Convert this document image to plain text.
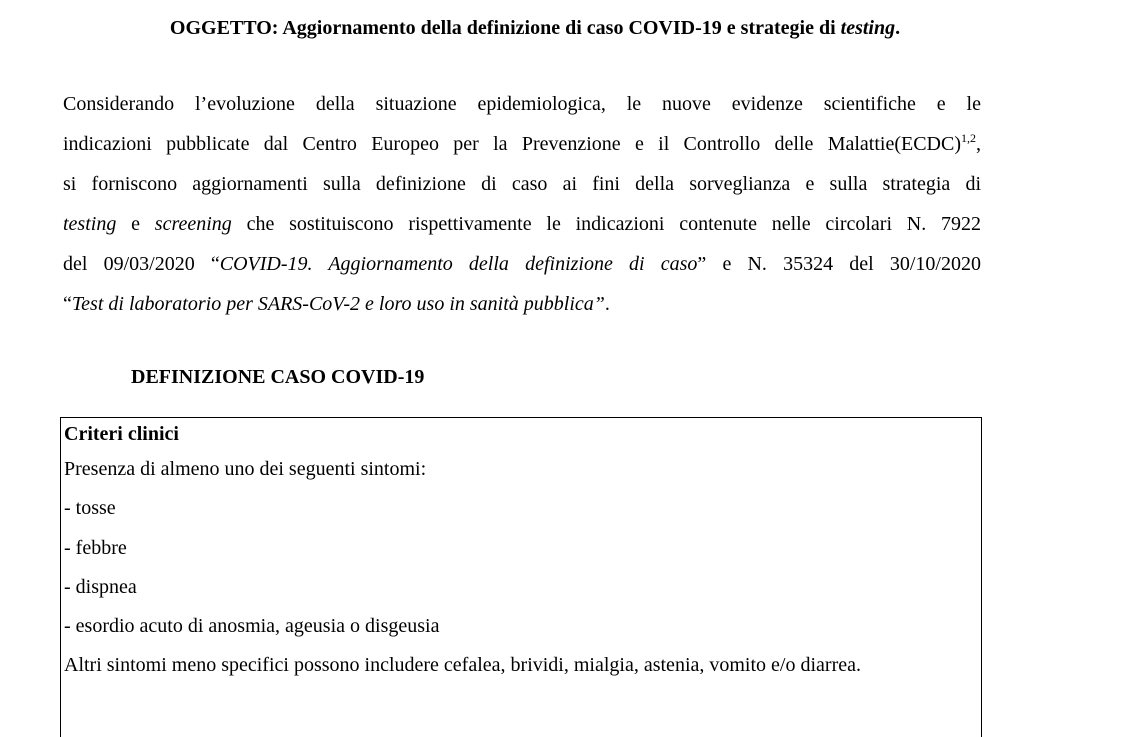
OGGETTO: Aggiornamento della definizione di caso COVID-19 e strategie di testing.
Considerando l’evoluzione della situazione epidemiologica, le nuove evidenze scientifiche e le
indicazioni pubblicate dal Centro Europeo per la Prevenzione e il Controllo delle Malattie(ECDC)$^{1,2}$,
si forniscono aggiornamenti sulla definizione di caso ai fini della sorveglianza e sulla strategia di
testing e screening che sostituiscono rispettivamente le indicazioni contenute nelle circolari N. 7922
del 09/03/2020 “COVID-19. Aggiornamento della definizione di caso” e N. 35324 del 30/10/2020
“Test di laboratorio per SARS-CoV-2 e loro uso in sanità pubblica”.
DEFINIZIONE CASO COVID-19
Criteri clinici
Presenza di almeno uno dei seguenti sintomi:
- tosse
- febbre
- dispnea
- esordio acuto di anosmia, ageusia o disgeusia
Altri sintomi meno specifici possono includere cefalea, brividi, mialgia, astenia, vomito e/o diarrea.
